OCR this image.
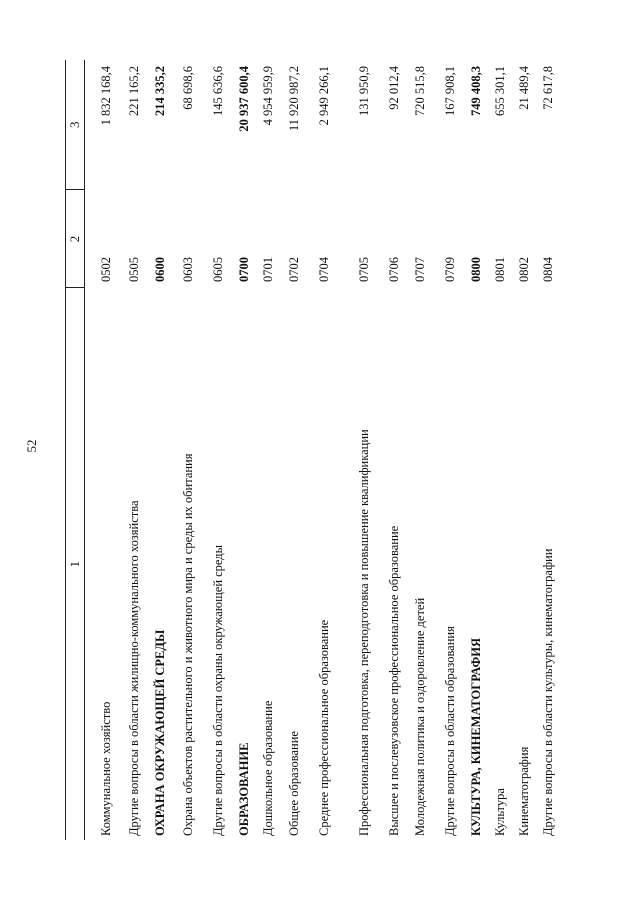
52
1	2	3
Коммунальное хозяйство	0502	1 832 168,4
Другие вопросы в области жилищно-коммунального хозяйства	0505	221 165,2
ОХРАНА ОКРУЖАЮЩЕЙ СРЕДЫ	0600	214 335,2
Охрана объектов растительного и животного мира и среды их обитания	0603	68 698,6
Другие вопросы в области охраны окружающей среды	0605	145 636,6
ОБРАЗОВАНИЕ	0700	20 937 600,4
Дошкольное образование	0701	4 954 959,9
Общее образование	0702	11 920 987,2
Среднее профессиональное образование	0704	2 949 266,1
Профессиональная подготовка, переподготовка и повышение квалификации	0705	131 950,9
Высшее и послевузовское профессиональное образование	0706	92 012,4
Молодежная политика и оздоровление детей	0707	720 515,8
Другие вопросы в области образования	0709	167 908,1
КУЛЬТУРА, КИНЕМАТОГРАФИЯ	0800	749 408,3
Культура	0801	655 301,1
Кинематография	0802	21 489,4
Другие вопросы в области культуры, кинематографии	0804	72 617,8
